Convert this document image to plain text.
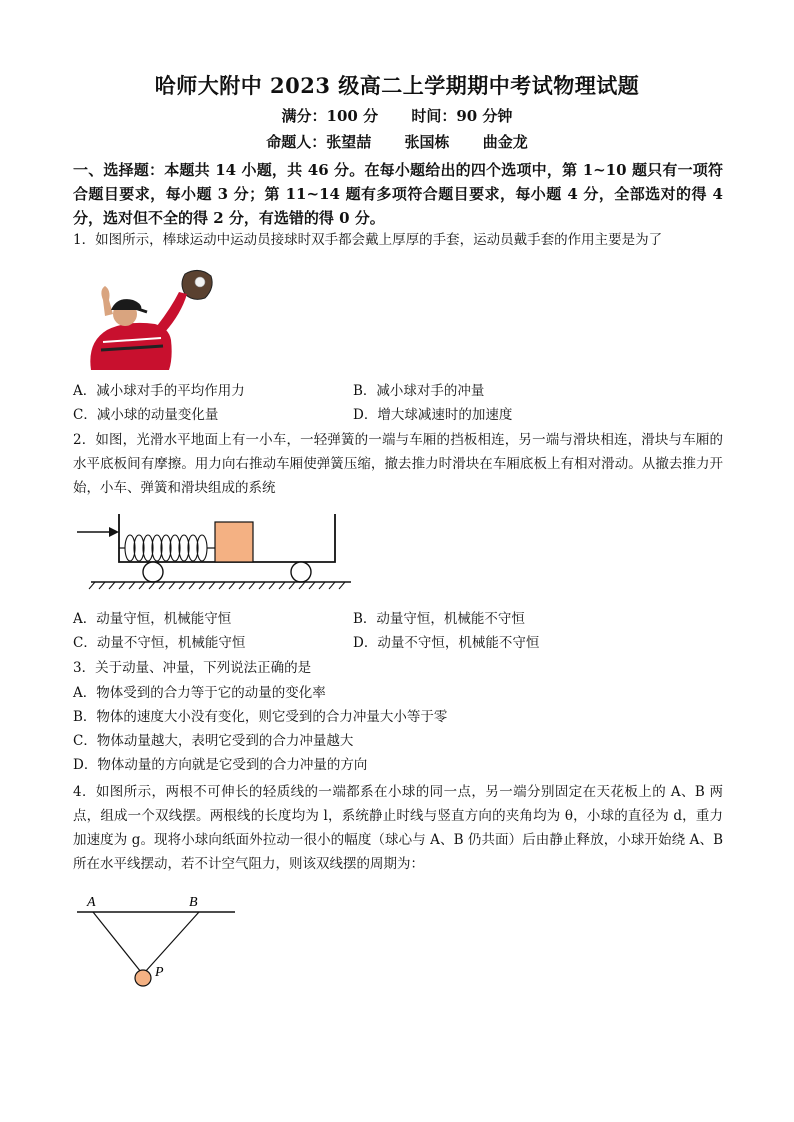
哈师大附中 2023 级高二上学期期中考试物理试题
满分：100 分 时间：90 分钟
命题人：张望喆 张国栋 曲金龙
一、选择题：本题共 14 小题，共 46 分。在每小题给出的四个选项中，第 1~10 题只有一项符合题目要求，每小题 3 分；第 11~14 题有多项符合题目要求，每小题 4 分，全部选对的得 4 分，选对但不全的得 2 分，有选错的得 0 分。
1．如图所示，棒球运动中运动员接球时双手都会戴上厚厚的手套，运动员戴手套的作用主要是为了
A．减小球对手的平均作用力	B．减小球对手的冲量
C．减小球的动量变化量	D．增大球减速时的加速度
2．如图，光滑水平地面上有一小车，一轻弹簧的一端与车厢的挡板相连，另一端与滑块相连，滑块与车厢的水平底板间有摩擦。用力向右推动车厢使弹簧压缩，撤去推力时滑块在车厢底板上有相对滑动。从撤去推力开始，小车、弹簧和滑块组成的系统
A．动量守恒，机械能守恒	B．动量守恒，机械能不守恒
C．动量不守恒，机械能守恒	D．动量不守恒，机械能不守恒
3．关于动量、冲量，下列说法正确的是
A．物体受到的合力等于它的动量的变化率
B．物体的速度大小没有变化，则它受到的合力冲量大小等于零
C．物体动量越大，表明它受到的合力冲量越大
D．物体动量的方向就是它受到的合力冲量的方向
4．如图所示，两根不可伸长的轻质线的一端都系在小球的同一点，另一端分别固定在天花板上的 A、B 两点，组成一个双线摆。两根线的长度均为 l，系统静止时线与竖直方向的夹角均为 θ，小球的直径为 d，重力加速度为 g。现将小球向纸面外拉动一很小的幅度（球心与 A、B 仍共面）后由静止释放，小球开始绕 A、B 所在水平线摆动，若不计空气阻力，则该双线摆的周期为：
A	B
P
